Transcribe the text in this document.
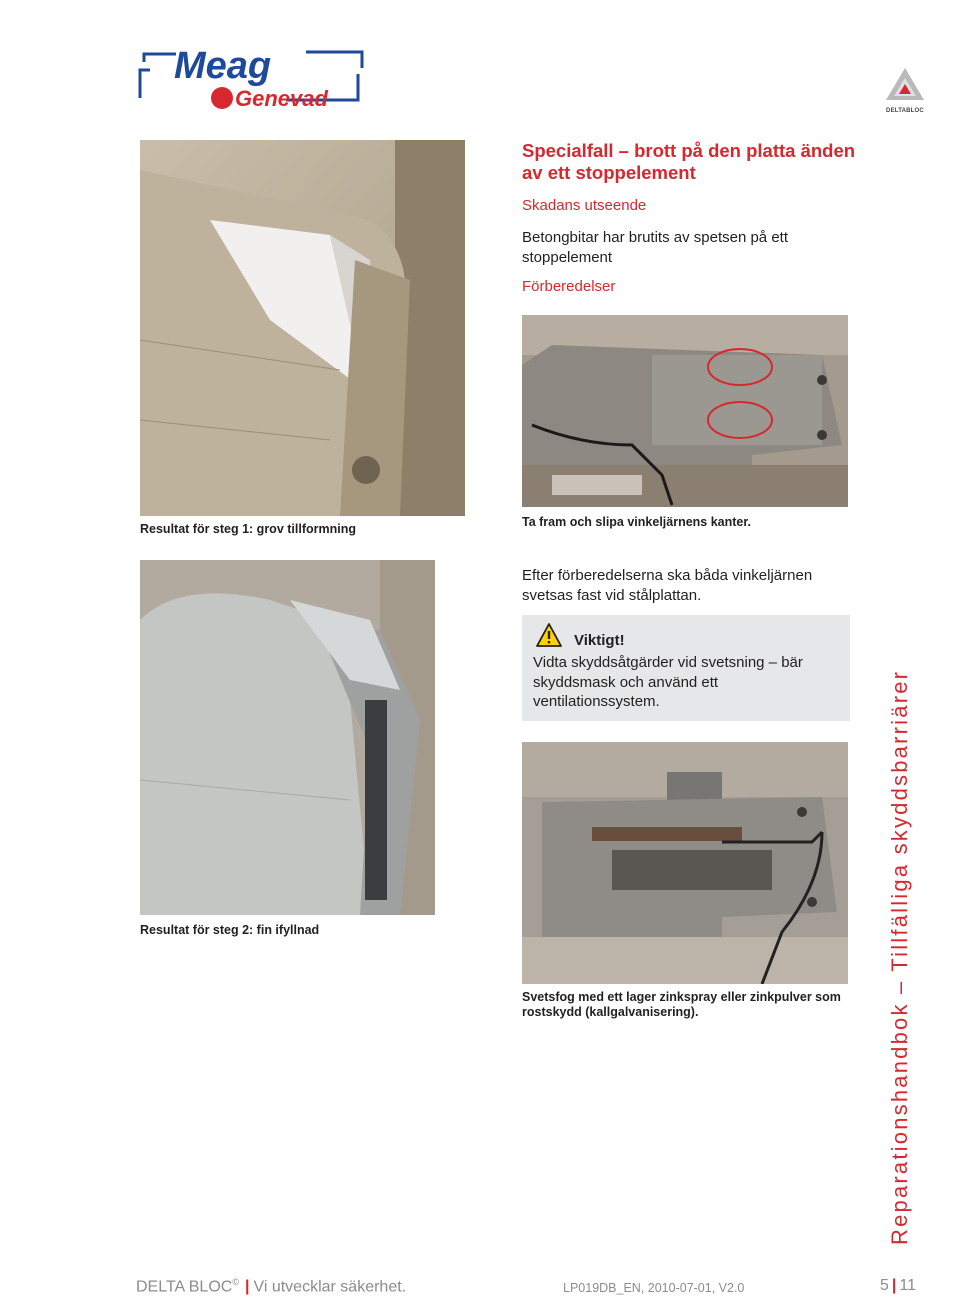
Meag
Genevad	DELTABLOC
Specialfall – brott på den platta änden av ett stoppelement
Skadans utseende
Betongbitar har brutits av spetsen på ett stoppelement
Förberedelser
Resultat för steg 1: grov tillformning	Ta fram och slipa vinkeljärnens kanter.
Efter förberedelserna ska båda vinkeljärnen svetsas fast vid stålplattan.
Viktigt!
Vidta skyddsåtgärder vid svetsning – bär skyddsmask och använd ett ventilationssystem.
Resultat för steg 2: fin ifyllnad
Svetsfog med ett lager zinkspray eller zinkpulver som rostskydd (kallgalvanisering).	Reparationshandbok – Tillfälliga skyddsbarriärer
DELTA BLOC© | Vi utvecklar säkerhet.	LP019DB_EN, 2010-07-01, V2.0	5 | 11
